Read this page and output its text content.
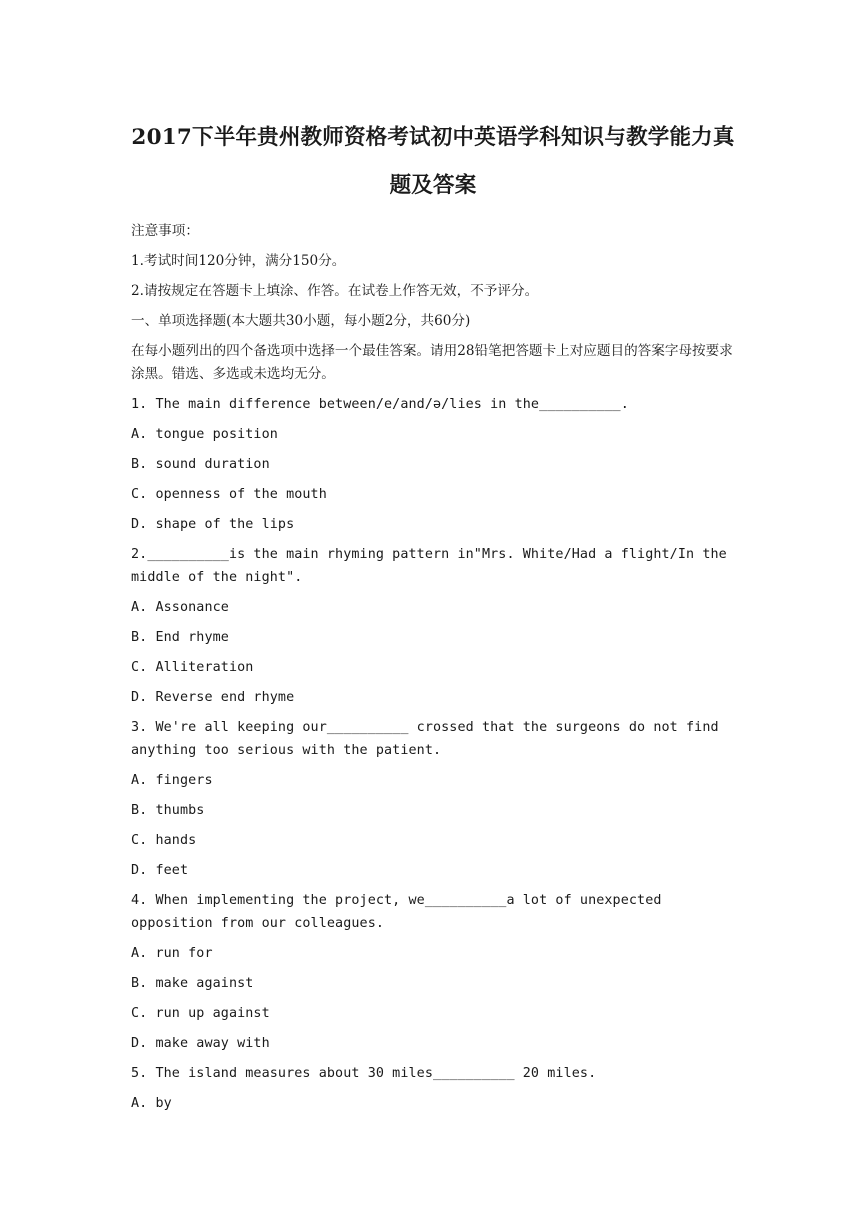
2017下半年贵州教师资格考试初中英语学科知识与教学能力真题及答案
注意事项：
1.考试时间120分钟，满分150分。
2.请按规定在答题卡上填涂、作答。在试卷上作答无效，不予评分。
一、单项选择题(本大题共30小题，每小题2分，共60分)
在每小题列出的四个备选项中选择一个最佳答案。请用28铅笔把答题卡上对应题目的答案字母按要求涂黑。错选、多选或未选均无分。
1. The main difference between/e/and/ə/lies in the__________.
A. tongue position
B. sound duration
C. openness of the mouth
D. shape of the lips
2.__________is the main rhyming pattern in"Mrs. White/Had a flight/In the middle of the night".
A. Assonance
B. End rhyme
C. Alliteration
D. Reverse end rhyme
3. We're all keeping our__________ crossed that the surgeons do not find anything too serious with the patient.
A. fingers
B. thumbs
C. hands
D. feet
4. When implementing the project, we__________a lot of unexpected opposition from our colleagues.
A. run for
B. make against
C. run up against
D. make away with
5. The island measures about 30 miles__________ 20 miles.
A. by
